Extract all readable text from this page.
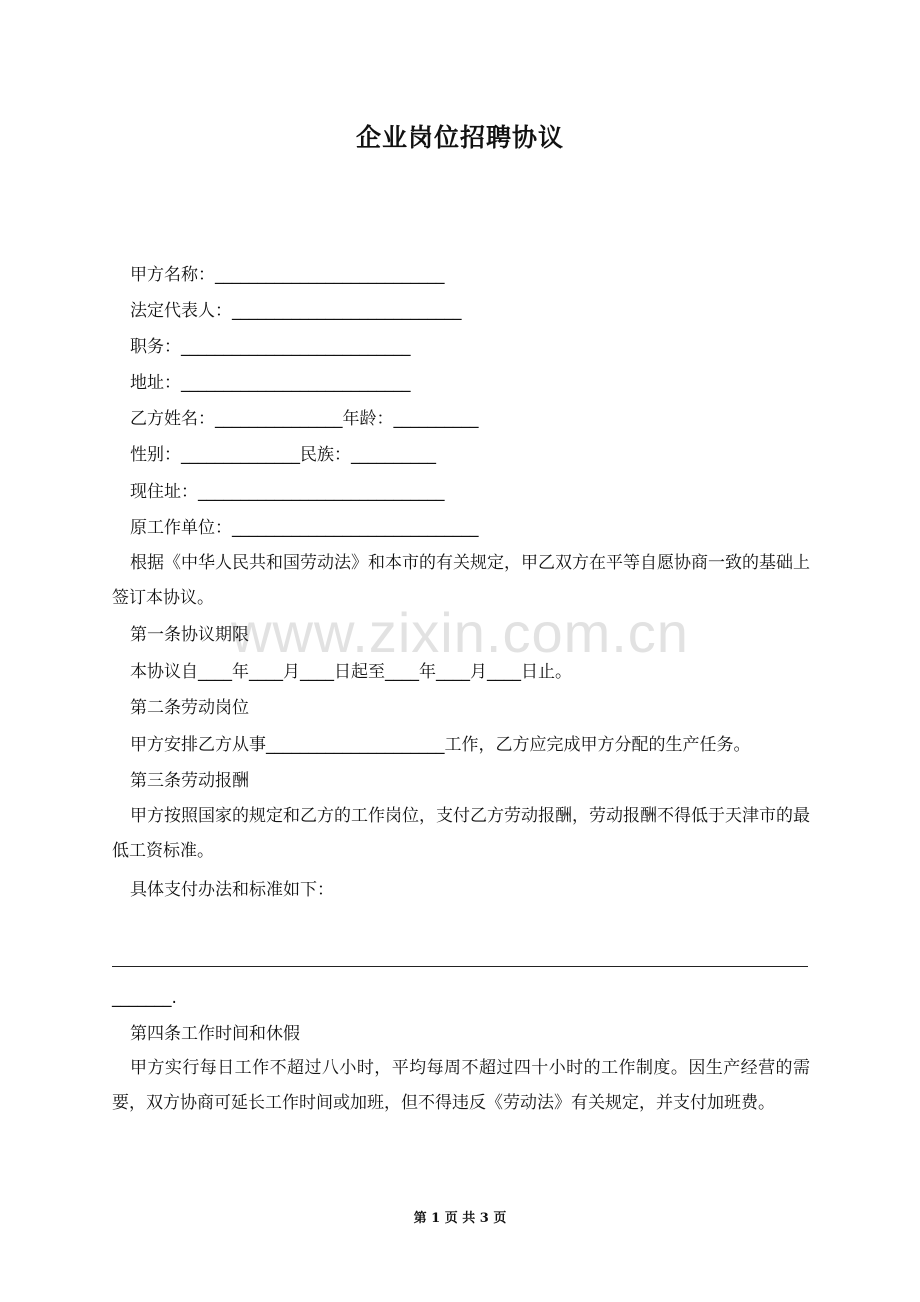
企业岗位招聘协议
www.zixin.com.cn
甲方名称：___________________________
法定代表人：___________________________
职务：___________________________
地址：___________________________
乙方姓名：_______________年龄：__________
性别：______________民族：__________
现住址：_____________________________
原工作单位：_____________________________
根据《中华人民共和国劳动法》和本市的有关规定，甲乙双方在平等自愿协商一致的基础上签订本协议。
第一条协议期限
本协议自____年____月____日起至____年____月____日止。
第二条劳动岗位
甲方安排乙方从事_____________________工作，乙方应完成甲方分配的生产任务。
第三条劳动报酬
甲方按照国家的规定和乙方的工作岗位，支付乙方劳动报酬，劳动报酬不得低于天津市的最低工资标准。
具体支付办法和标准如下：
_______.
第四条工作时间和休假
甲方实行每日工作不超过八小时，平均每周不超过四十小时的工作制度。因生产经营的需要，双方协商可延长工作时间或加班，但不得违反《劳动法》有关规定，并支付加班费。
第 1 页 共 3 页
